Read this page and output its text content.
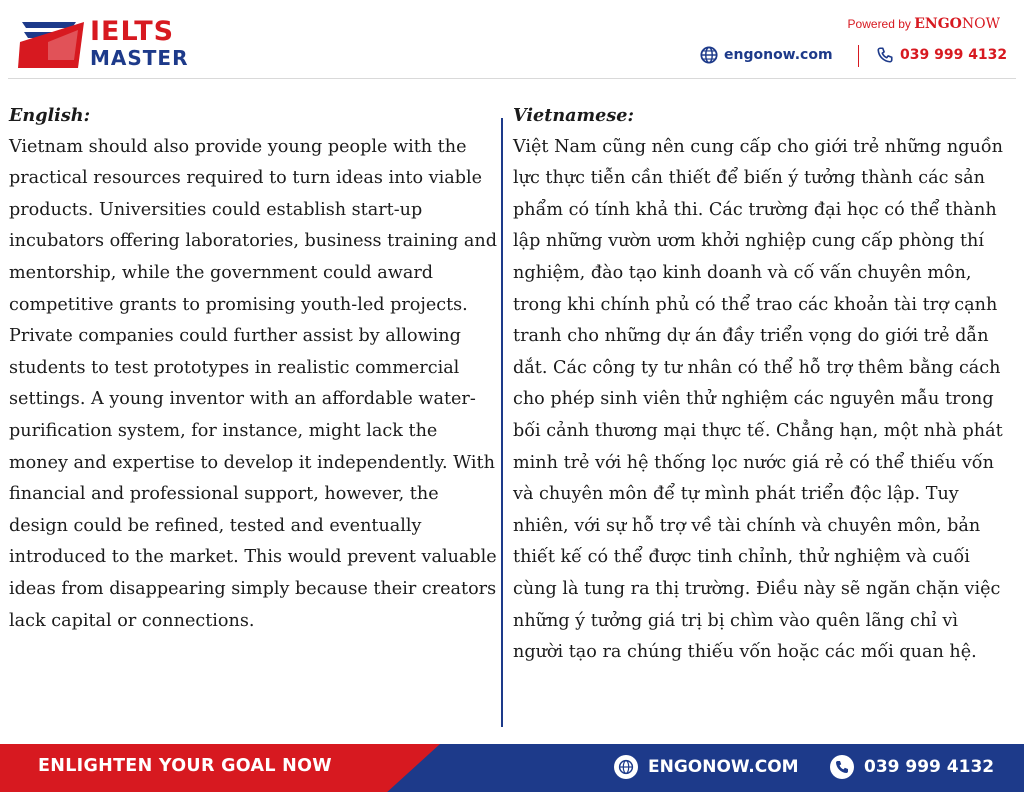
IELTS
MASTER
Powered by ENGONOW
engonow.com	039 999 4132
English:
Vietnam should also provide young people with the practical resources required to turn ideas into viable products. Universities could establish start-up incubators offering laboratories, business training and mentorship, while the government could award competitive grants to promising youth-led projects. Private companies could further assist by allowing students to test prototypes in realistic commercial settings. A young inventor with an affordable water-purification system, for instance, might lack the money and expertise to develop it independently. With financial and professional support, however, the design could be refined, tested and eventually introduced to the market. This would prevent valuable ideas from disappearing simply because their creators lack capital or connections.
Vietnamese:
Việt Nam cũng nên cung cấp cho giới trẻ những nguồn lực thực tiễn cần thiết để biến ý tưởng thành các sản phẩm có tính khả thi. Các trường đại học có thể thành lập những vườn ươm khởi nghiệp cung cấp phòng thí nghiệm, đào tạo kinh doanh và cố vấn chuyên môn, trong khi chính phủ có thể trao các khoản tài trợ cạnh tranh cho những dự án đầy triển vọng do giới trẻ dẫn dắt. Các công ty tư nhân có thể hỗ trợ thêm bằng cách cho phép sinh viên thử nghiệm các nguyên mẫu trong bối cảnh thương mại thực tế. Chẳng hạn, một nhà phát minh trẻ với hệ thống lọc nước giá rẻ có thể thiếu vốn và chuyên môn để tự mình phát triển độc lập. Tuy nhiên, với sự hỗ trợ về tài chính và chuyên môn, bản thiết kế có thể được tinh chỉnh, thử nghiệm và cuối cùng là tung ra thị trường. Điều này sẽ ngăn chặn việc những ý tưởng giá trị bị chìm vào quên lãng chỉ vì người tạo ra chúng thiếu vốn hoặc các mối quan hệ.
ENLIGHTEN YOUR GOAL NOW	ENGONOW.COM	039 999 4132
